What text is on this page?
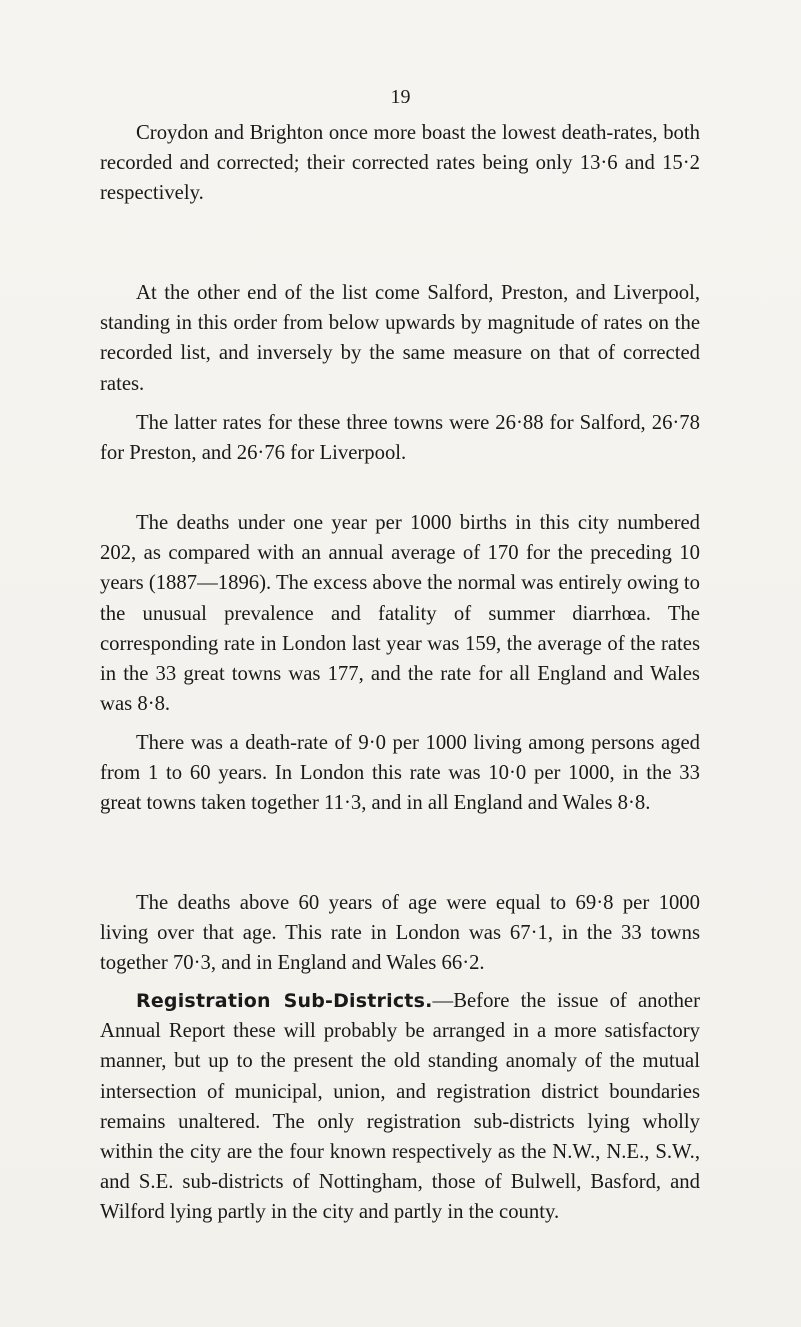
19

Croydon and Brighton once more boast the lowest death-rates, both recorded and corrected; their corrected rates being only 13·6 and 15·2 respectively.

At the other end of the list come Salford, Preston, and Liverpool, standing in this order from below upwards by magnitude of rates on the recorded list, and inversely by the same measure on that of corrected rates.

The latter rates for these three towns were 26·88 for Salford, 26·78 for Preston, and 26·76 for Liverpool.

The deaths under one year per 1000 births in this city numbered 202, as compared with an annual average of 170 for the preceding 10 years (1887—1896). The excess above the normal was entirely owing to the unusual prevalence and fatality of summer diarrhœa. The corresponding rate in London last year was 159, the average of the rates in the 33 great towns was 177, and the rate for all England and Wales was 8·8.

There was a death-rate of 9·0 per 1000 living among persons aged from 1 to 60 years. In London this rate was 10·0 per 1000, in the 33 great towns taken together 11·3, and in all England and Wales 8·8.

The deaths above 60 years of age were equal to 69·8 per 1000 living over that age. This rate in London was 67·1, in the 33 towns together 70·3, and in England and Wales 66·2.

Registration Sub-Districts.—Before the issue of another Annual Report these will probably be arranged in a more satisfactory manner, but up to the present the old standing anomaly of the mutual intersection of municipal, union, and registration district boundaries remains unaltered. The only registration sub-districts lying wholly within the city are the four known respectively as the N.W., N.E., S.W., and S.E. sub-districts of Nottingham, those of Bulwell, Basford, and Wilford lying partly in the city and partly in the county.
